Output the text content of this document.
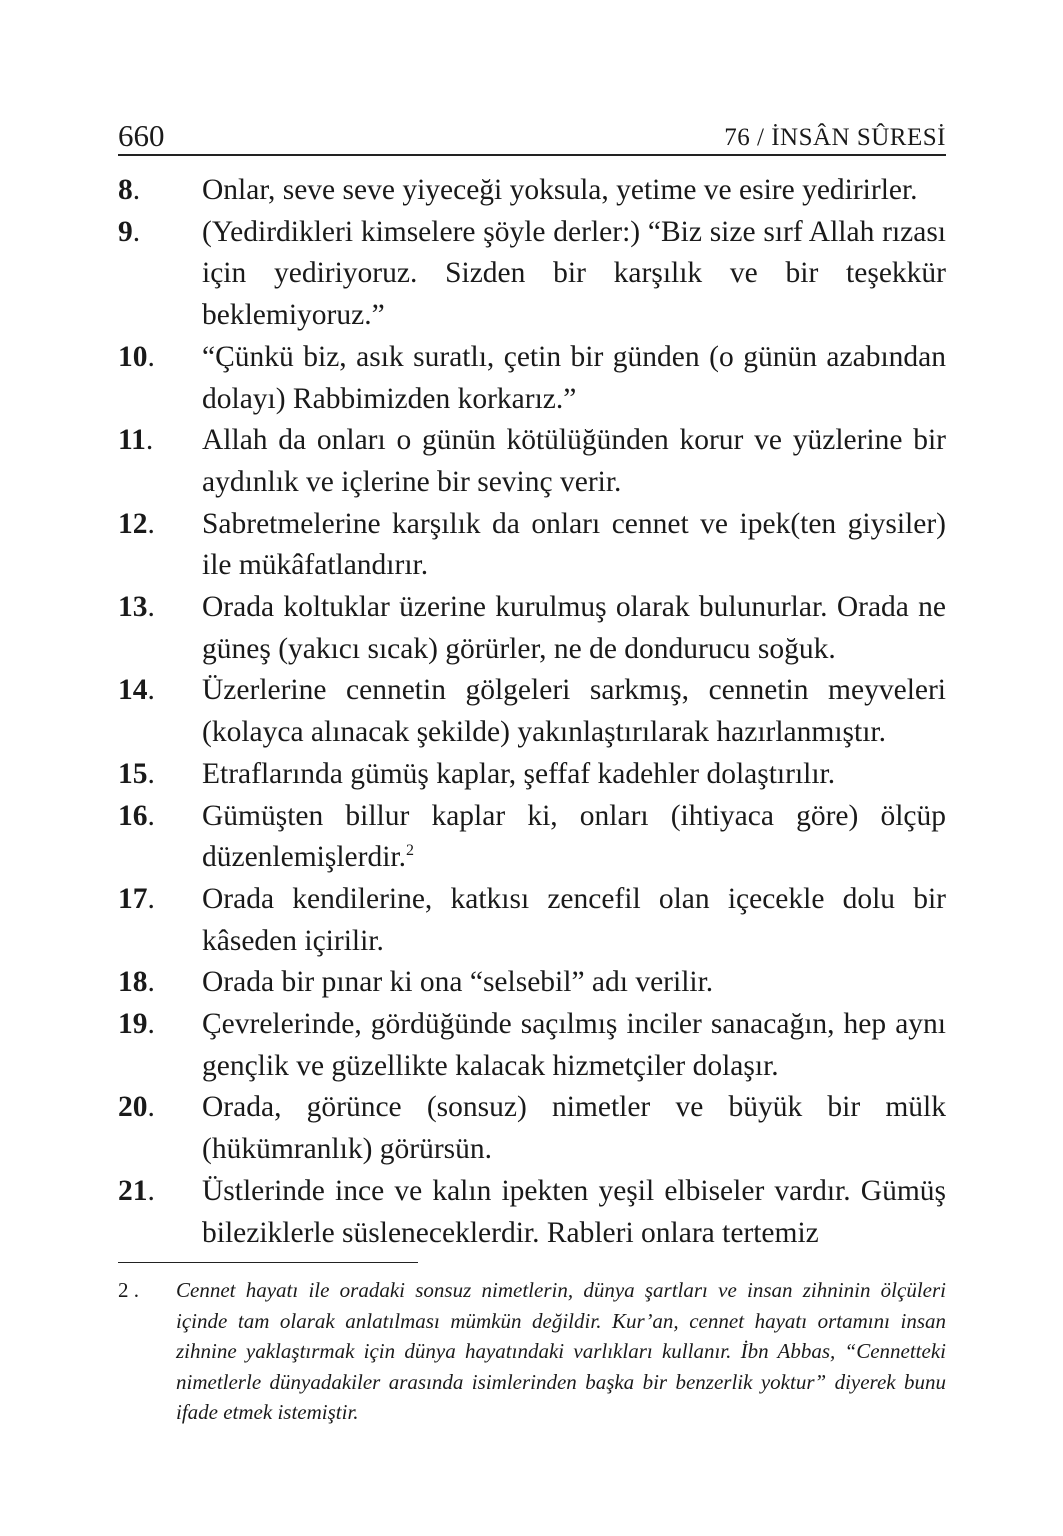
660	76 / İNSÂN SÛRESİ
8.	Onlar, seve seve yiyeceği yoksula, yetime ve esire yedirirler.
9.	(Yedirdikleri kimselere şöyle derler:) “Biz size sırf Allah rızası için yediriyoruz. Sizden bir karşılık ve bir teşekkür beklemiyoruz.”
10.	“Çünkü biz, asık suratlı, çetin bir günden (o günün azabından dolayı) Rabbimizden korkarız.”
11.	Allah da onları o günün kötülüğünden korur ve yüzlerine bir aydınlık ve içlerine bir sevinç verir.
12.	Sabretmelerine karşılık da onları cennet ve ipek(ten giysiler) ile mükâfatlandırır.
13.	Orada koltuklar üzerine kurulmuş olarak bulunurlar. Orada ne güneş (yakıcı sıcak) görürler, ne de dondurucu soğuk.
14.	Üzerlerine cennetin gölgeleri sarkmış, cennetin meyveleri (kolayca alınacak şekilde) yakınlaştırılarak hazırlanmıştır.
15.	Etraflarında gümüş kaplar, şeffaf kadehler dolaştırılır.
16.	Gümüşten billur kaplar ki, onları (ihtiyaca göre) ölçüp düzenlemişlerdir.$^2$
17.	Orada kendilerine, katkısı zencefil olan içecekle dolu bir kâseden içirilir.
18.	Orada bir pınar ki ona “selsebil” adı verilir.
19.	Çevrelerinde, gördüğünde saçılmış inciler sanacağın, hep aynı gençlik ve güzellikte kalacak hizmetçiler dolaşır.
20.	Orada, görünce (sonsuz) nimetler ve büyük bir mülk (hükümranlık) görürsün.
21.	Üstlerinde ince ve kalın ipekten yeşil elbiseler vardır. Gümüş bileziklerle süsleneceklerdir. Rableri onlara tertemiz
2 .	Cennet hayatı ile oradaki sonsuz nimetlerin, dünya şartları ve insan zihninin ölçüleri içinde tam olarak anlatılması mümkün değildir. Kur’an, cennet hayatı ortamını insan zihnine yaklaştırmak için dünya hayatındaki varlıkları kullanır. İbn Abbas, “Cennetteki nimetlerle dünyadakiler arasında isimlerinden başka bir benzerlik yoktur” diyerek bunu ifade etmek istemiştir.
